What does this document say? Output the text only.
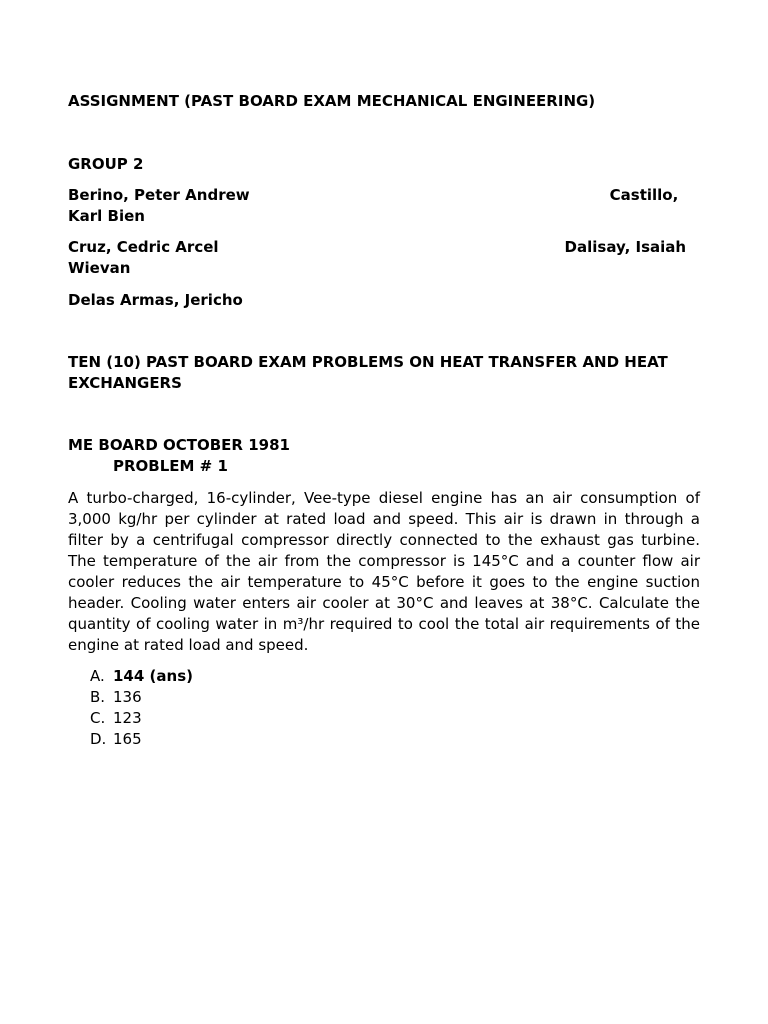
ASSIGNMENT (PAST BOARD EXAM MECHANICAL ENGINEERING)

GROUP 2

Berino, Peter Andrew	Castillo,
Karl Bien

Cruz, Cedric Arcel	Dalisay, Isaiah
Wievan

Delas Armas, Jericho

TEN (10) PAST BOARD EXAM PROBLEMS ON HEAT TRANSFER AND HEAT EXCHANGERS

ME BOARD OCTOBER 1981

PROBLEM # 1

A turbo-charged, 16-cylinder, Vee-type diesel engine has an air consumption of 3,000 kg/hr per cylinder at rated load and speed. This air is drawn in through a filter by a centrifugal compressor directly connected to the exhaust gas turbine. The temperature of the air from the compressor is 145°C and a counter flow air cooler reduces the air temperature to 45°C before it goes to the engine suction header. Cooling water enters air cooler at 30°C and leaves at 38°C. Calculate the quantity of cooling water in m³/hr required to cool the total air requirements of the engine at rated load and speed.

A. 144 (ans)
B. 136
C. 123
D. 165
